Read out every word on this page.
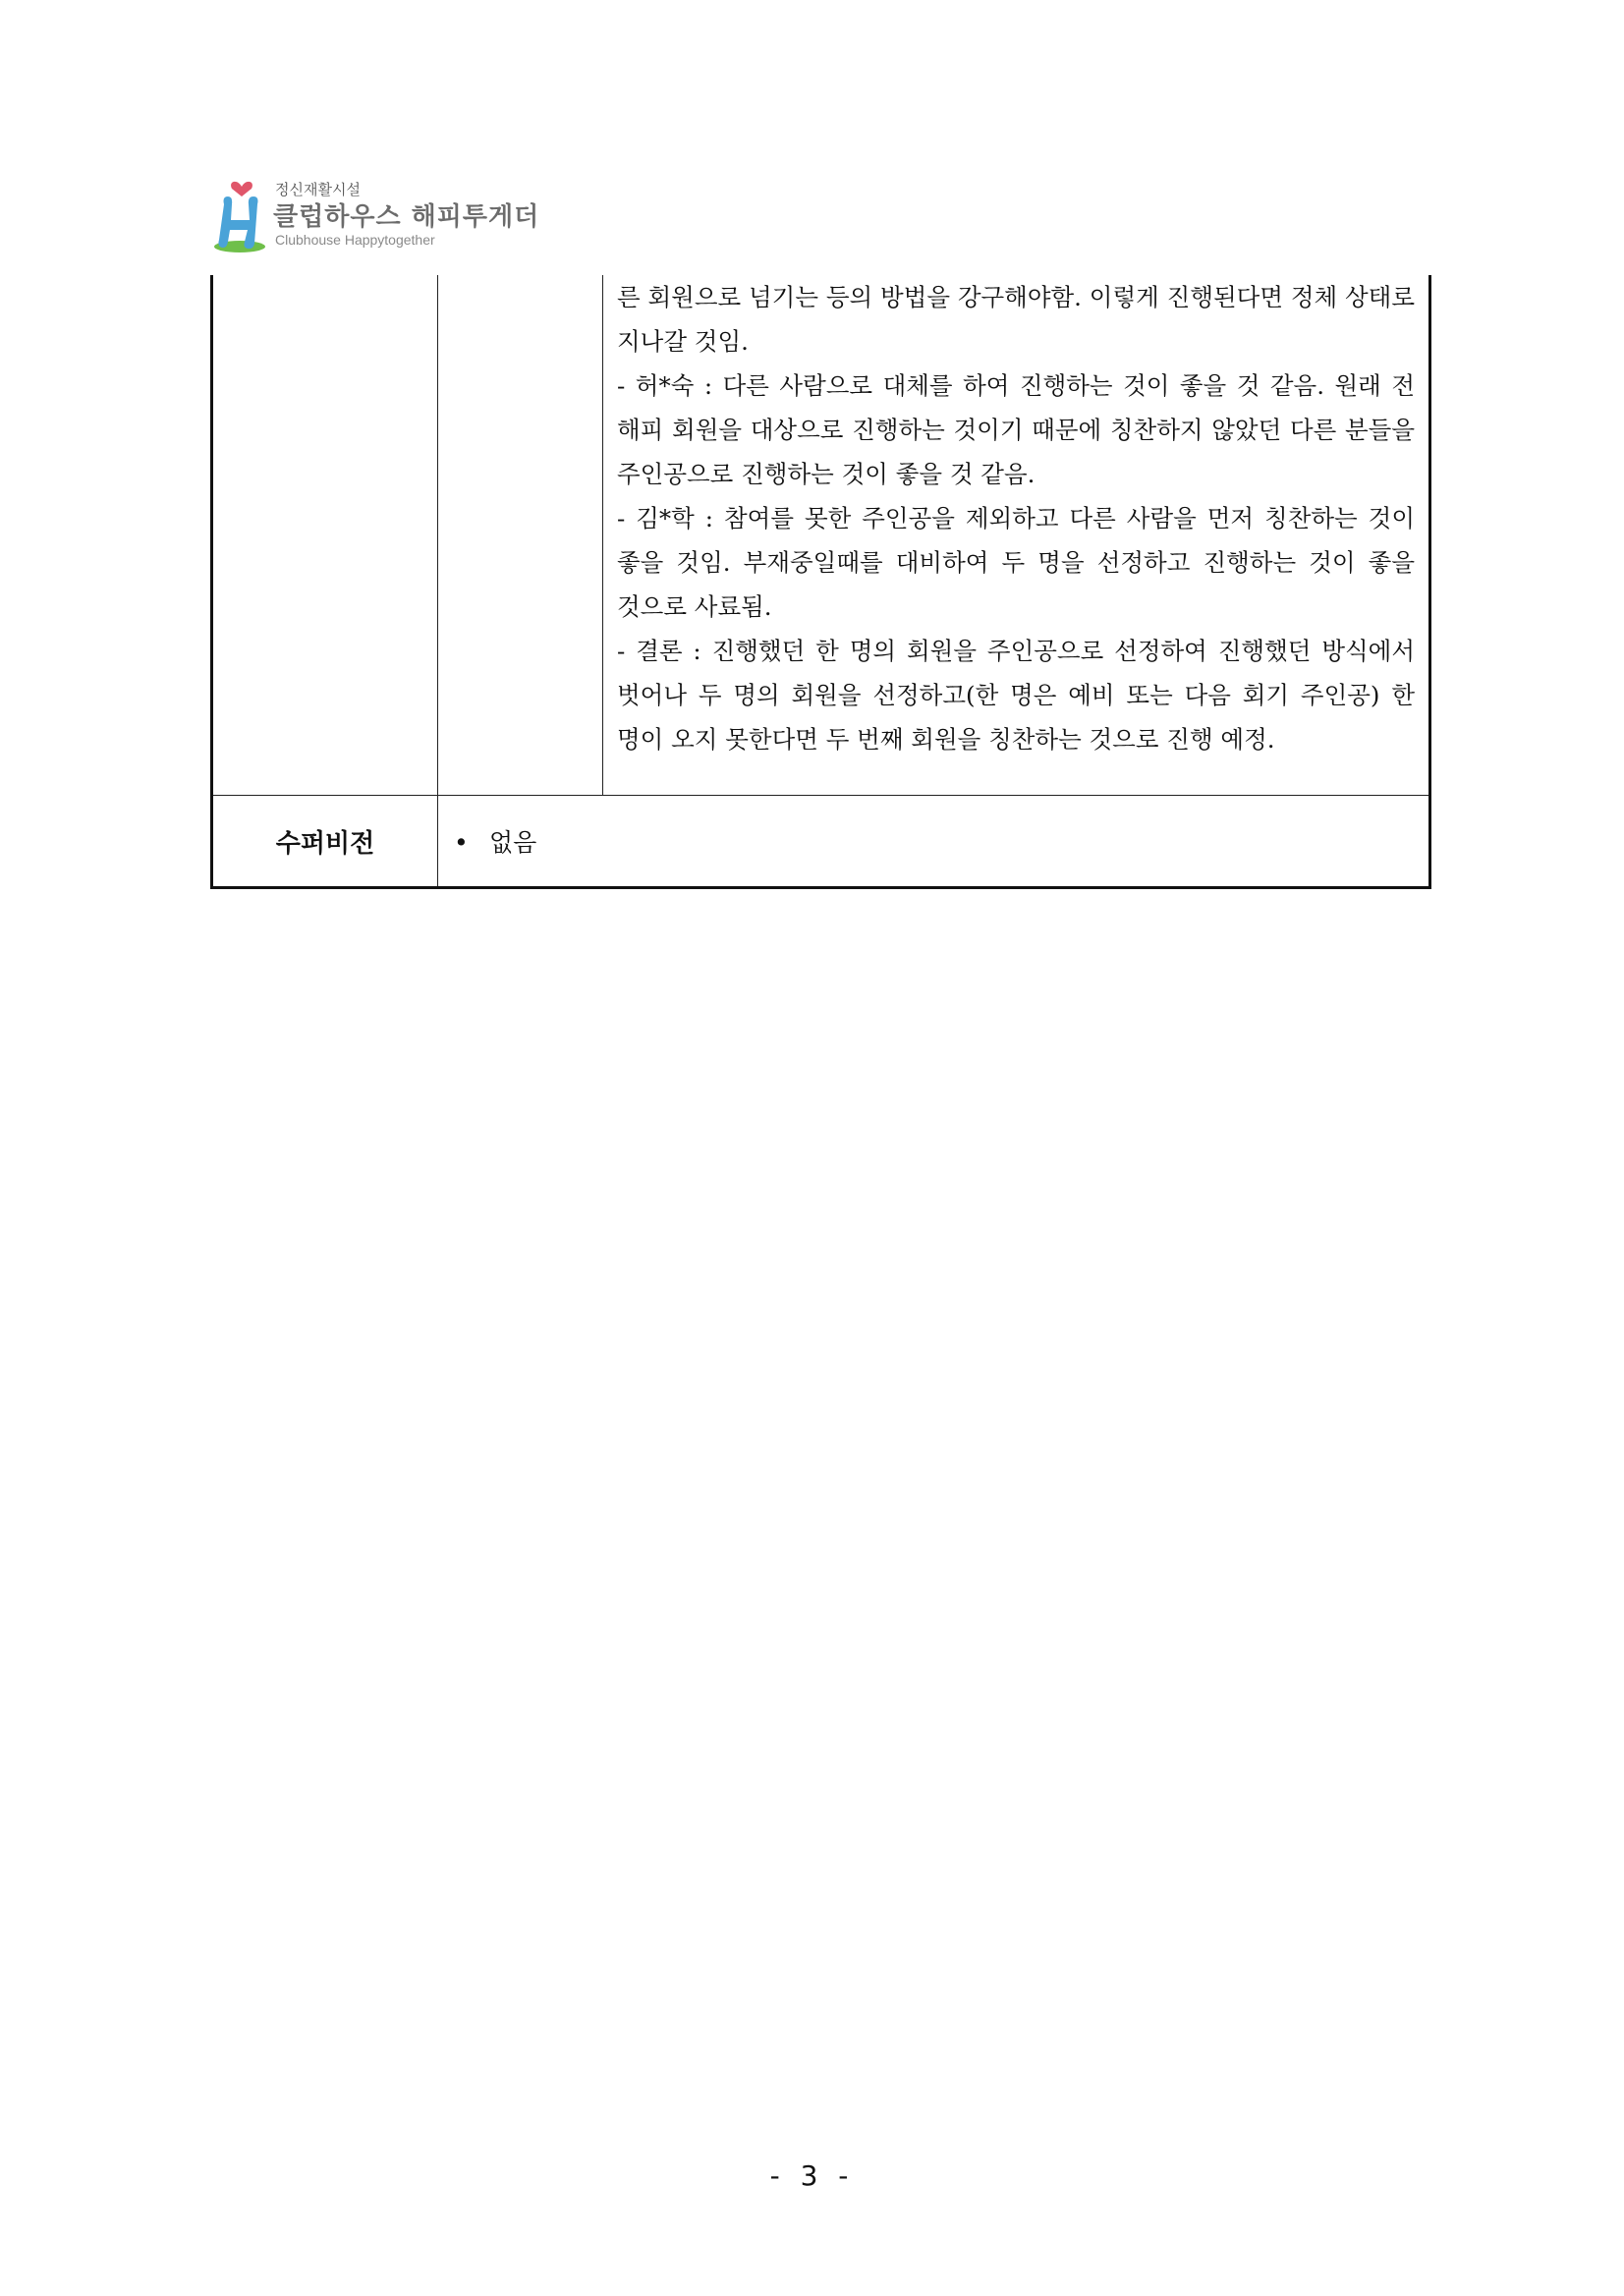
정신재활시설
클럽하우스 해피투게더
Clubhouse Happytogether

		른 회원으로 넘기는 등의 방법을 강구해야함. 이렇게 진행된다면 정체 상태로 지나갈 것임.

- 허*숙 : 다른 사람으로 대체를 하여 진행하는 것이 좋을 것 같음. 원래 전 해피 회원을 대상으로 진행하는 것이기 때문에 칭찬하지 않았던 다른 분들을 주인공으로 진행하는 것이 좋을 것 같음.

- 김*학 : 참여를 못한 주인공을 제외하고 다른 사람을 먼저 칭찬하는 것이 좋을 것임. 부재중일때를 대비하여 두 명을 선정하고 진행하는 것이 좋을 것으로 사료됨.

- 결론 : 진행했던 한 명의 회원을 주인공으로 선정하여 진행했던 방식에서 벗어나 두 명의 회원을 선정하고(한 명은 예비 또는 다음 회기 주인공) 한 명이 오지 못한다면 두 번째 회원을 칭찬하는 것으로 진행 예정.

수퍼비전	• 없음	
- 3 -
